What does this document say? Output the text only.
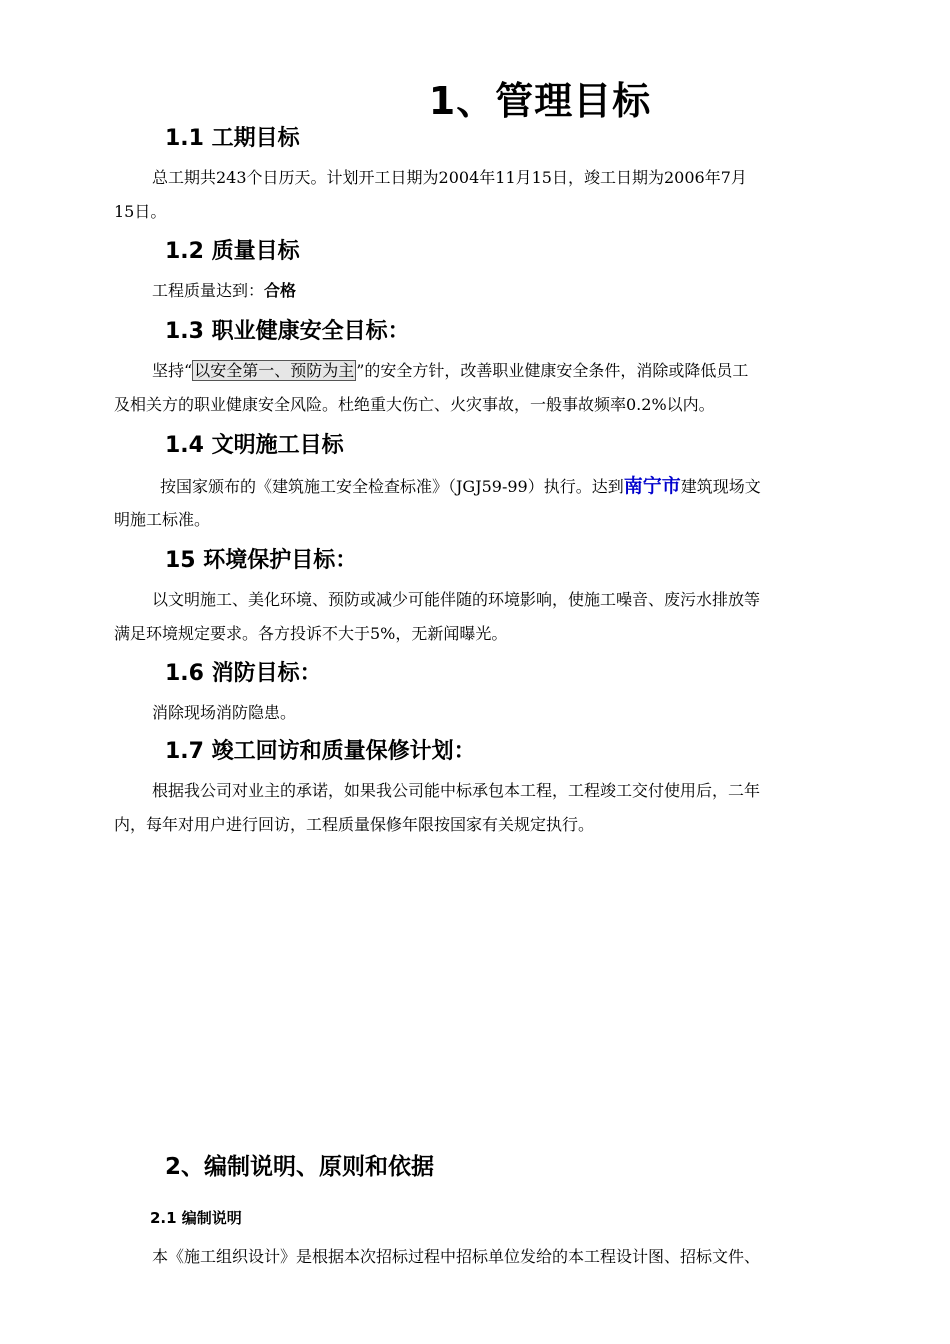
1、管理目标
1.1 工期目标
总工期共243个日历天。计划开工日期为2004年11月15日，竣工日期为2006年7月
15日。
1.2 质量目标
工程质量达到：合格
1.3 职业健康安全目标：
坚持“ 以安全第一、预防为主 ”的安全方针，改善职业健康安全条件，消除或降低员工
及相关方的职业健康安全风险。杜绝重大伤亡、火灾事故，一般事故频率0.2%以内。
1.4 文明施工目标
按国家颁布的《建筑施工安全检查标准》（JGJ59-99）执行。达到南宁市建筑现场文
明施工标准。
15 环境保护目标：
以文明施工、美化环境、预防或减少可能伴随的环境影响，使施工噪音、废污水排放等
满足环境规定要求。各方投诉不大于5%，无新闻曝光。
1.6 消防目标：
消除现场消防隐患。
1.7 竣工回访和质量保修计划：
根据我公司对业主的承诺，如果我公司能中标承包本工程，工程竣工交付使用后，二年
内，每年对用户进行回访，工程质量保修年限按国家有关规定执行。
2、编制说明、原则和依据
2.1 编制说明
本《施工组织设计》是根据本次招标过程中招标单位发给的本工程设计图、招标文件、
